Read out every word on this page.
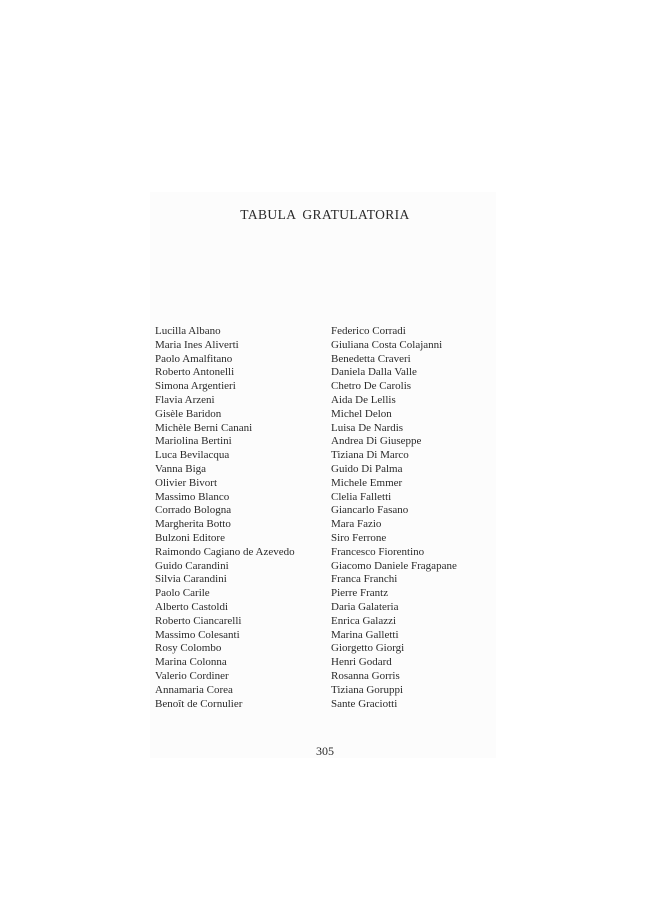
TABULA GRATULATORIA
Lucilla Albano
Maria Ines Aliverti
Paolo Amalfitano
Roberto Antonelli
Simona Argentieri
Flavia Arzeni
Gisèle Baridon
Michèle Berni Canani
Mariolina Bertini
Luca Bevilacqua
Vanna Biga
Olivier Bivort
Massimo Blanco
Corrado Bologna
Margherita Botto
Bulzoni Editore
Raimondo Cagiano de Azevedo
Guido Carandini
Silvia Carandini
Paolo Carile
Alberto Castoldi
Roberto Ciancarelli
Massimo Colesanti
Rosy Colombo
Marina Colonna
Valerio Cordiner
Annamaria Corea
Benoît de Cornulier
Federico Corradi
Giuliana Costa Colajanni
Benedetta Craveri
Daniela Dalla Valle
Chetro De Carolis
Aida De Lellis
Michel Delon
Luisa De Nardis
Andrea Di Giuseppe
Tiziana Di Marco
Guido Di Palma
Michele Emmer
Clelia Falletti
Giancarlo Fasano
Mara Fazio
Siro Ferrone
Francesco Fiorentino
Giacomo Daniele Fragapane
Franca Franchi
Pierre Frantz
Daria Galateria
Enrica Galazzi
Marina Galletti
Giorgetto Giorgi
Henri Godard
Rosanna Gorris
Tiziana Goruppi
Sante Graciotti
305
